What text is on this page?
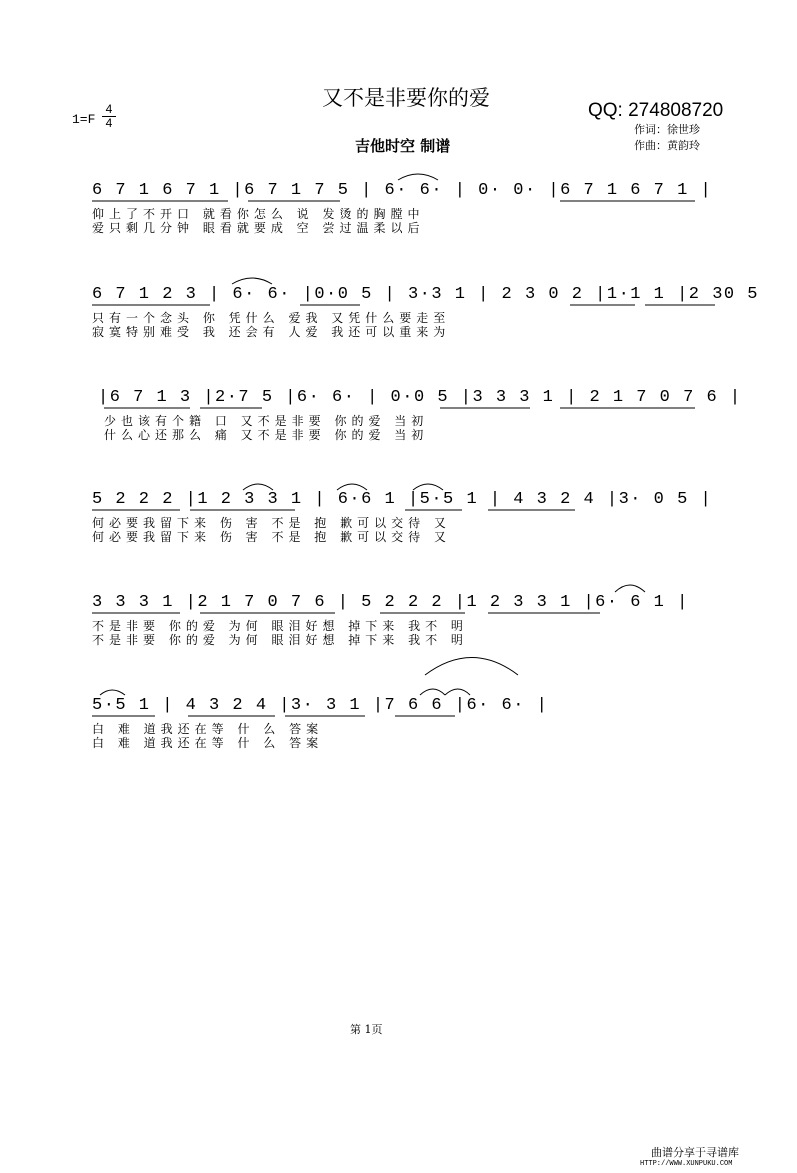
又不是非要你的爱
QQ: 274808720
1=F
4
4
吉他时空 制谱
作词：徐世珍
作曲：黄韵玲
6 7 1 6 7 1 |6 7 1 7 5 | 6· 6· | 0· 0· |6 7 1 6 7 1 |
仰上了不开口 就看你怎么 说 发烫的胸膛中
爱只剩几分钟 眼看就要成 空 尝过温柔以后
6 7 1 2 3 | 6· 6· |0·0 5 | 3·3 1 | 2 3 0 2 |1·1 1 |2 30 5
只有一个念头 你 凭什么 爱我 又凭什么要走至
寂寞特别难受 我 还会有 人爱 我还可以重来为
|6 7 1 3 |2·7 5 |6· 6· | 0·0 5 |3 3 3 1 | 2 1 7 0 7 6 |
少也该有个籍 口 又不是非要 你的爱 当初
什么心还那么 痛 又不是非要 你的爱 当初
5 2 2 2 |1 2 3 3 1 | 6·6 1 |5·5 1 | 4 3 2 4 |3· 0 5 |
何必要我留下来 伤 害 不是 抱 歉可以交待 又
何必要我留下来 伤 害 不是 抱 歉可以交待 又
3 3 3 1 |2 1 7 0 7 6 | 5 2 2 2 |1 2 3 3 1 |6· 6 1 |
不是非要 你的爱 为何 眼泪好想 掉下来 我不 明
不是非要 你的爱 为何 眼泪好想 掉下来 我不 明
5·5 1 | 4 3 2 4 |3· 3 1 |7 6 6 |6· 6· |
白 难 道我还在等 什 么 答案
白 难 道我还在等 什 么 答案
第 1页
曲谱分享于寻谱库
HTTP://WWW.XUNPUKU.COM
